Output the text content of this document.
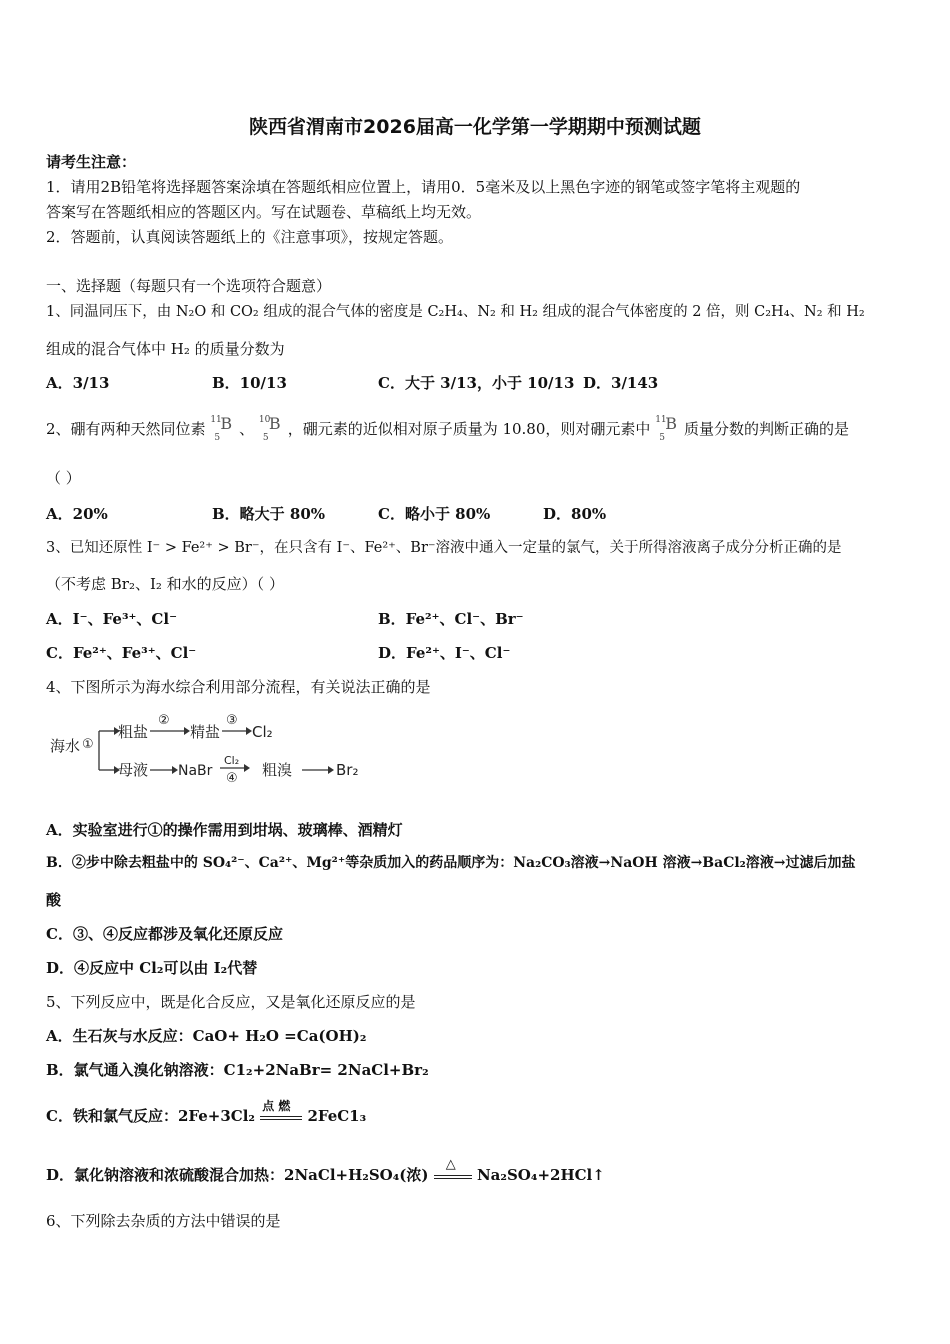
陕西省渭南市2026届高一化学第一学期期中预测试题
请考生注意：
1．请用2B铅笔将选择题答案涂填在答题纸相应位置上，请用0．5毫米及以上黑色字迹的钢笔或签字笔将主观题的
答案写在答题纸相应的答题区内。写在试题卷、草稿纸上均无效。
2．答题前，认真阅读答题纸上的《注意事项》，按规定答题。
一、选择题（每题只有一个选项符合题意）
1、同温同压下，由 N₂O 和 CO₂ 组成的混合气体的密度是 C₂H₄、N₂ 和 H₂ 组成的混合气体密度的 2 倍，则 C₂H₄、N₂ 和 H₂
组成的混合气体中 H₂ 的质量分数为
A．3/13	B．10/13	C．大于 3/13，小于 10/13 D．3/143
2、硼有两种天然同位素 11
5
B 、 10
5
B ，硼元素的近似相对原子质量为 10.80，则对硼元素中 11
5
B 质量分数的判断正确的是
（ ）
A．20%	B．略大于 80%	C．略小于 80%	D．80%
3、已知还原性 I⁻ > Fe²⁺ > Br⁻，在只含有 I⁻、Fe²⁺、Br⁻溶液中通入一定量的氯气，关于所得溶液离子成分分析正确的是
（不考虑 Br₂、I₂ 和水的反应）（ ）
A．I⁻、Fe³⁺、Cl⁻	B．Fe²⁺、Cl⁻、Br⁻
C．Fe²⁺、Fe³⁺、Cl⁻	D．Fe²⁺、I⁻、Cl⁻
4、下图所示为海水综合利用部分流程，有关说法正确的是
海水 ①
粗盐
②
精盐
③
Cl₂
母液 NaBr
Cl₂
④ 粗溴	Br₂
A．实验室进行①的操作需用到坩埚、玻璃棒、酒精灯
B．②步中除去粗盐中的 SO₄²⁻、Ca²⁺、Mg²⁺等杂质加入的药品顺序为：Na₂CO₃溶液→NaOH 溶液→BaCl₂溶液→过滤后加盐
酸
C．③、④反应都涉及氧化还原反应
D．④反应中 Cl₂可以由 I₂代替
5、下列反应中，既是化合反应，又是氧化还原反应的是
A．生石灰与水反应：CaO+ H₂O =Ca(OH)₂
B．氯气通入溴化钠溶液：C1₂+2NaBr= 2NaCl+Br₂
C．铁和氯气反应：2Fe+3Cl₂
点 燃
2FeC1₃
D．氯化钠溶液和浓硫酸混合加热：2NaCl+H₂SO₄(浓)
△
Na₂SO₄+2HCl↑
6、下列除去杂质的方法中错误的是
